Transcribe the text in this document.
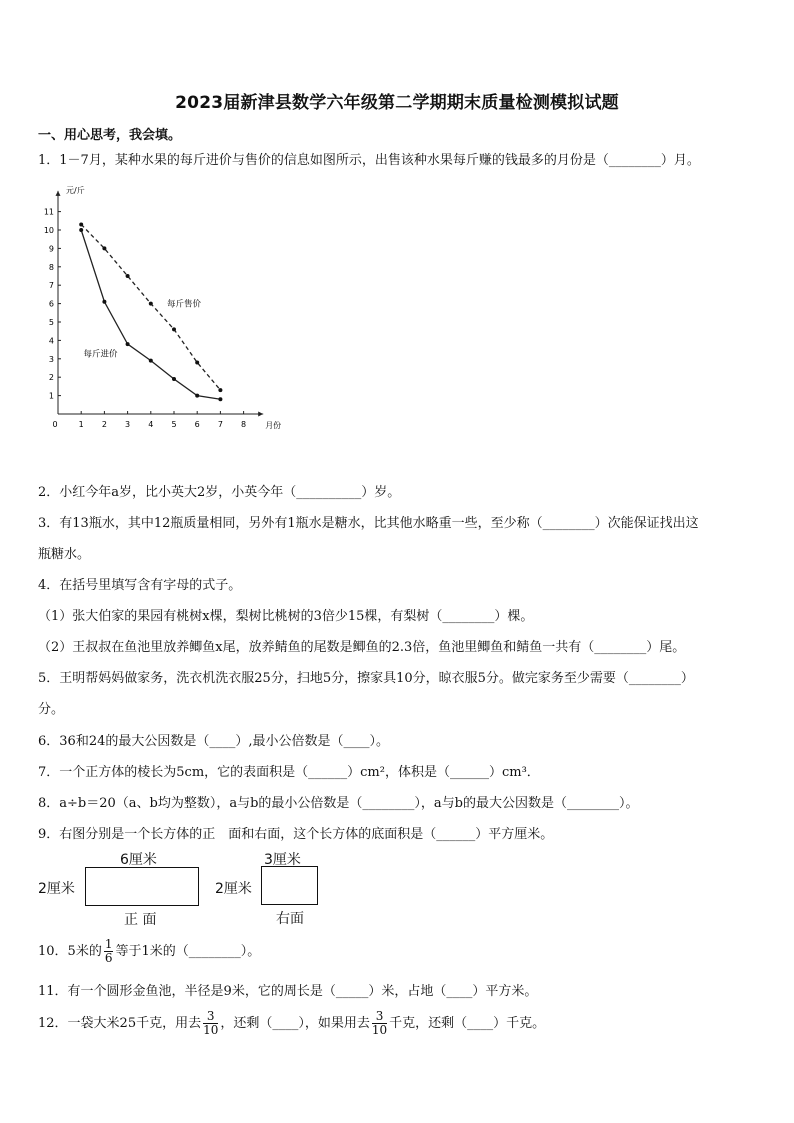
2023届新津县数学六年级第二学期期末质量检测模拟试题
一、用心思考，我会填。
1．1－7月，某种水果的每斤进价与售价的信息如图所示，出售该种水果每斤赚的钱最多的月份是（________）月。
0	1 2 3 4 5 6 7 8
1
2
3
4
5
6
7
8
9
10
11
元/斤
月份
每斤售价
每斤进价
2．小红今年a岁，比小英大2岁，小英今年（__________）岁。
3．有13瓶水，其中12瓶质量相同，另外有1瓶水是糖水，比其他水略重一些，至少称（________）次能保证找出这
瓶糖水。
4．在括号里填写含有字母的式子。
（1）张大伯家的果园有桃树x棵，梨树比桃树的3倍少15棵，有梨树（________）棵。
（2）王叔叔在鱼池里放养鲫鱼x尾，放养鲭鱼的尾数是鲫鱼的2.3倍，鱼池里鲫鱼和鲭鱼一共有（________）尾。
5．王明帮妈妈做家务，洗衣机洗衣服25分，扫地5分，擦家具10分，晾衣服5分。做完家务至少需要（________）
分。
6．36和24的最大公因数是（____）,最小公倍数是（____）。
7．一个正方体的棱长为5cm，它的表面积是（______）cm²，体积是（______）cm³．
8．a÷b＝20（a、b均为整数），a与b的最小公倍数是（________），a与b的最大公因数是（________）。
9．右图分别是一个长方体的正　面和右面，这个长方体的底面积是（______）平方厘米。
6厘米
2厘米
正 面
3厘米
2厘米
右面
10．5米的 $\frac{1}{6}$ 等于1米的（________）。
11．有一个圆形金鱼池，半径是9米，它的周长是（_____）米，占地（____）平方米。
12．一袋大米25千克，用去 $\frac{3}{10}$ ，还剩（____），如果用去 $\frac{3}{10}$ 千克，还剩（____）千克。
